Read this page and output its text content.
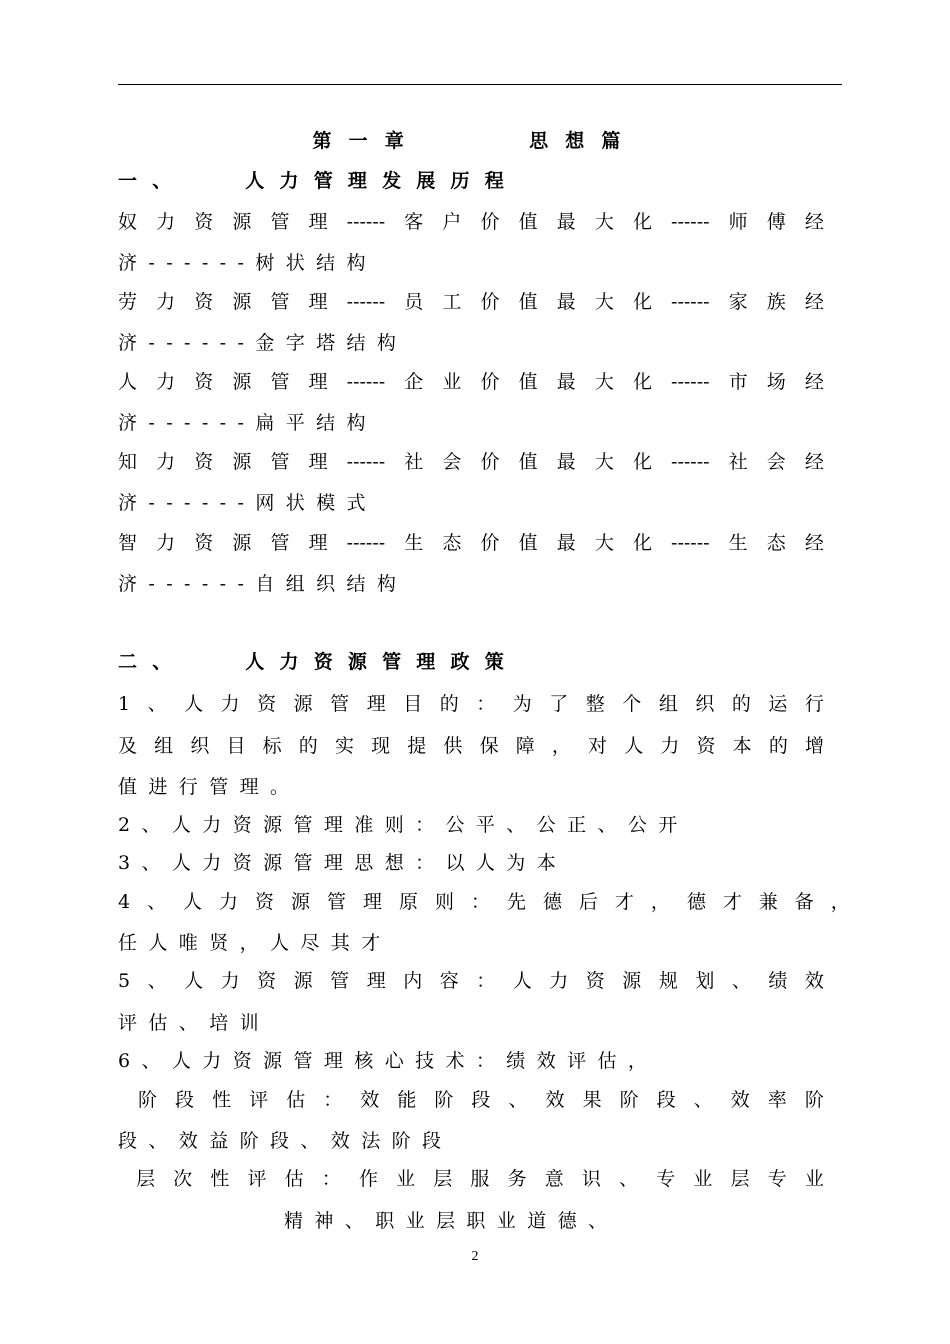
第一章　　　思想篇
一、　　人力管理发展历程
奴 力 资 源 管 理 ------ 客 户 价 值 最 大 化 ------ 师 傅 经
济------树状结构
劳 力 资 源 管 理 ------ 员 工 价 值 最 大 化 ------ 家 族 经
济------金字塔结构
人 力 资 源 管 理 ------ 企 业 价 值 最 大 化 ------ 市 场 经
济------扁平结构
知 力 资 源 管 理 ------ 社 会 价 值 最 大 化 ------ 社 会 经
济------网状模式
智 力 资 源 管 理 ------ 生 态 价 值 最 大 化 ------ 生 态 经
济------自组织结构
二、　　人力资源管理政策
1 、 人 力 资 源 管 理 目 的 ： 为 了 整 个 组 织 的 运 行
及 组 织 目 标 的 实 现 提 供 保 障 ， 对 人 力 资 本 的 增
值进行管理。
2、人力资源管理准则：公平、公正、公开
3、人力资源管理思想：以人为本
4 、 人 力 资 源 管 理 原 则 ： 先 德 后 才 ， 德 才 兼 备 ，
任人唯贤，人尽其才
5 、 人 力 资 源 管 理 内 容 ： 人 力 资 源 规 划 、 绩 效
评估、培训
6、人力资源管理核心技术：绩效评估，
阶 段 性 评 估 ： 效 能 阶 段 、 效 果 阶 段 、 效 率 阶
段、效益阶段、效法阶段
层 次 性 评 估 ： 作 业 层 服 务 意 识 、 专 业 层 专 业
精神、职业层职业道德、
2
